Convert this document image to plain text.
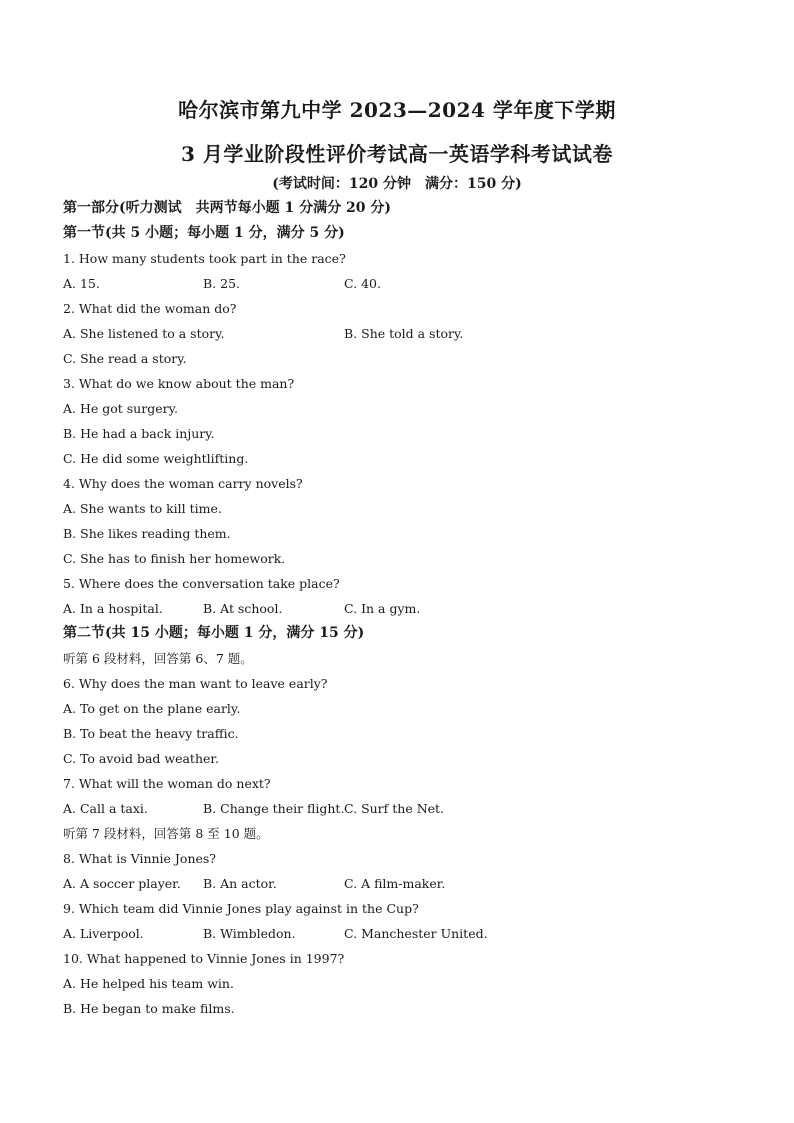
哈尔滨市第九中学 2023—2024 学年度下学期
3 月学业阶段性评价考试高一英语学科考试试卷
(考试时间：120 分钟　满分：150 分)
第一部分(听力测试　共两节每小题 1 分满分 20 分)
第一节(共 5 小题；每小题 1 分，满分 5 分)
1. How many students took part in the race?
A. 15.	B. 25.	C. 40.
2. What did the woman do?
A. She listened to a story.	B. She told a story.
C. She read a story.
3. What do we know about the man?
A. He got surgery.
B. He had a back injury.
C. He did some weightlifting.
4. Why does the woman carry novels?
A. She wants to kill time.
B. She likes reading them.
C. She has to finish her homework.
5. Where does the conversation take place?
A. In a hospital.	B. At school.	C. In a gym.
第二节(共 15 小题；每小题 1 分，满分 15 分)
听第 6 段材料，回答第 6、7 题。
6. Why does the man want to leave early?
A. To get on the plane early.
B. To beat the heavy traffic.
C. To avoid bad weather.
7. What will the woman do next?
A. Call a taxi.	B. Change their flight. C. Surf the Net.
听第 7 段材料，回答第 8 至 10 题。
8. What is Vinnie Jones?
A. A soccer player. B. An actor.	C. A film-maker.
9. Which team did Vinnie Jones play against in the Cup?
A. Liverpool.	B. Wimbledon.	C. Manchester United.
10. What happened to Vinnie Jones in 1997?
A. He helped his team win.
B. He began to make films.
